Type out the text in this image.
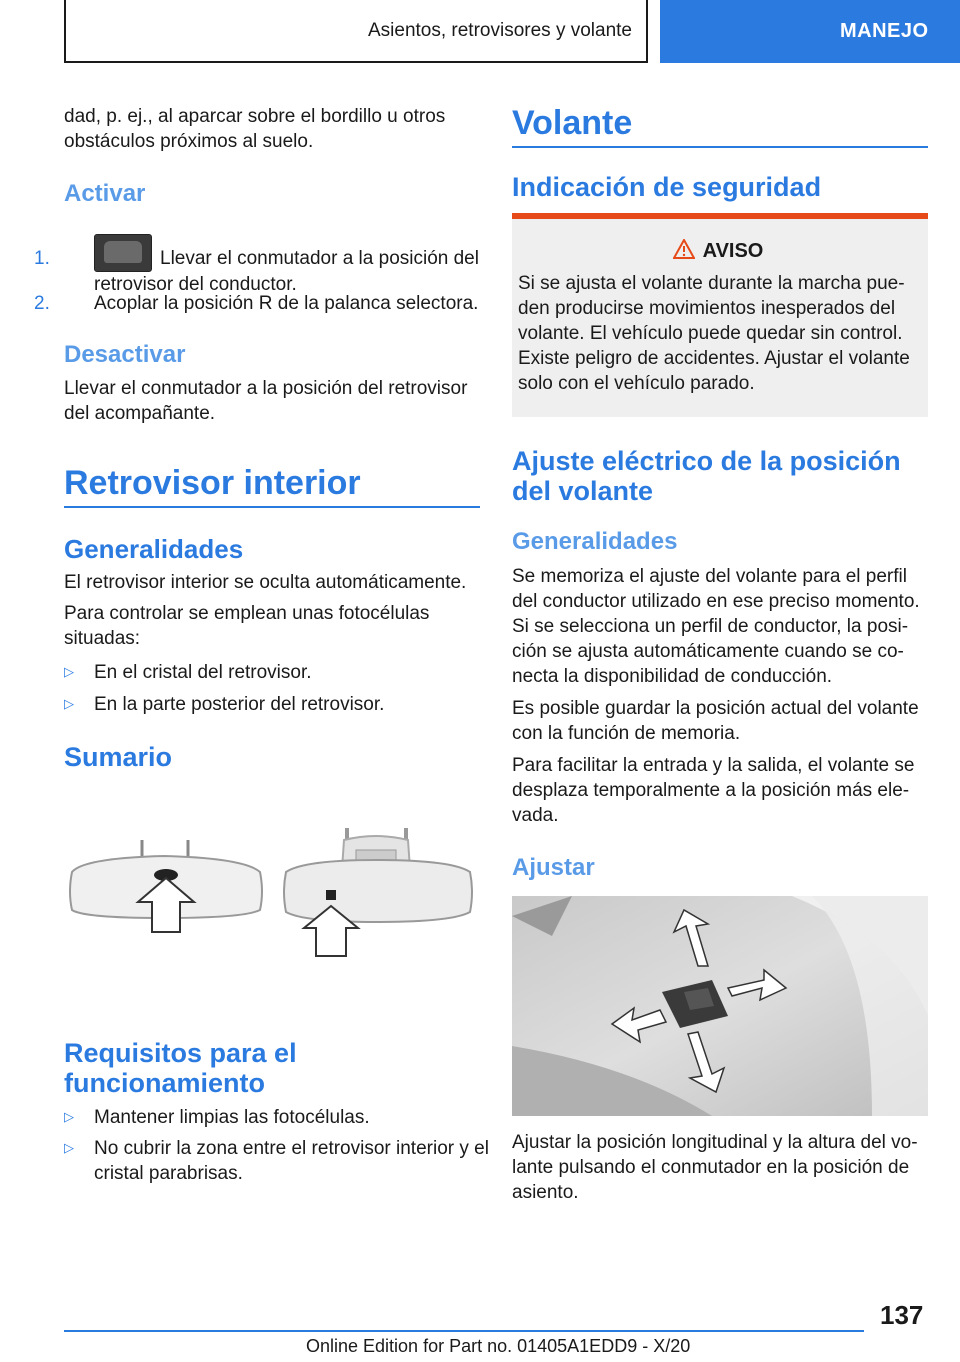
Asientos, retrovisores y volante	MANEJO

dad, p. ej., al aparcar sobre el bordillo u otros obstáculos próximos al suelo.

Activar
1.	Llevar el conmutador a la posición del retrovisor del conductor.
2. Acoplar la posición R de la palanca selectora.
Desactivar

Llevar el conmutador a la posición del retrovisor del acompañante.

Retrovisor interior
Generalidades

El retrovisor interior se oculta automáticamente.

Para controlar se emplean unas fotocélulas situadas:

▷ En el cristal del retrovisor.
▷ En la parte posterior del retrovisor.
Sumario
Requisitos para el funcionamiento
▷ Mantener limpias las fotocélulas.
▷ No cubrir la zona entre el retrovisor interior y el cristal parabrisas.
Volante
Indicación de seguridad
AVISO

Si se ajusta el volante durante la marcha pueden producirse movimientos inesperados del volante. El vehículo puede quedar sin control. Existe peligro de accidentes. Ajustar el volante solo con el vehículo parado.

Ajuste eléctrico de la posición del volante
Generalidades

Se memoriza el ajuste del volante para el perfil del conductor utilizado en ese preciso momento. Si se selecciona un perfil de conductor, la posición se ajusta automáticamente cuando se conecta la disponibilidad de conducción.

Es posible guardar la posición actual del volante con la función de memoria.

Para facilitar la entrada y la salida, el volante se desplaza temporalmente a la posición más elevada.

Ajustar

Ajustar la posición longitudinal y la altura del volante pulsando el conmutador en la posición de asiento.

137
Online Edition for Part no. 01405A1EDD9 - X/20
